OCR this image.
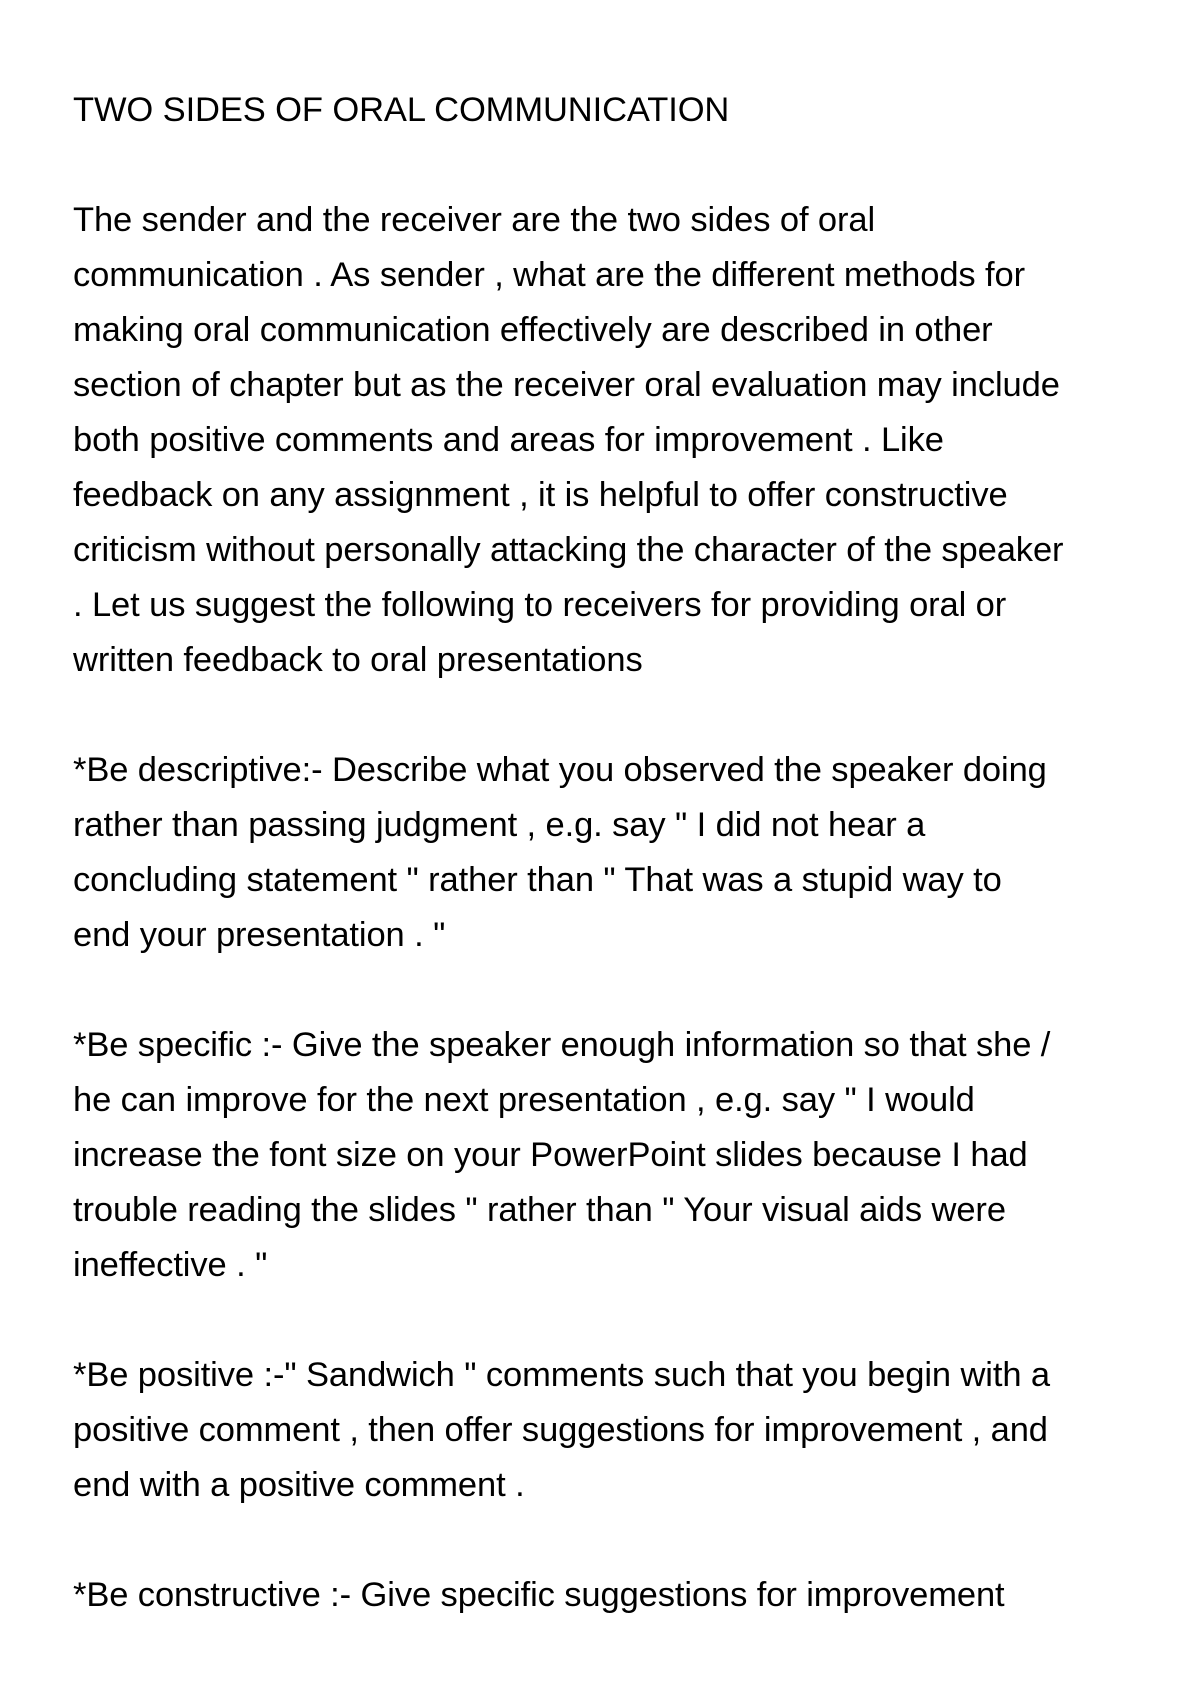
TWO SIDES OF ORAL COMMUNICATION
The sender and the receiver are the two sides of oral
communication . As sender , what are the different methods for
making oral communication effectively are described in other
section of chapter but as the receiver oral evaluation may include
both positive comments and areas for improvement . Like
feedback on any assignment , it is helpful to offer constructive
criticism without personally attacking the character of the speaker
. Let us suggest the following to receivers for providing oral or
written feedback to oral presentations
*Be descriptive:- Describe what you observed the speaker doing
rather than passing judgment , e.g. say " I did not hear a
concluding statement " rather than " That was a stupid way to
end your presentation . "
*Be specific :- Give the speaker enough information so that she /
he can improve for the next presentation , e.g. say " I would
increase the font size on your PowerPoint slides because I had
trouble reading the slides " rather than " Your visual aids were
ineffective . "
*Be positive :-" Sandwich " comments such that you begin with a
positive comment , then offer suggestions for improvement , and
end with a positive comment .
*Be constructive :- Give specific suggestions for improvement
